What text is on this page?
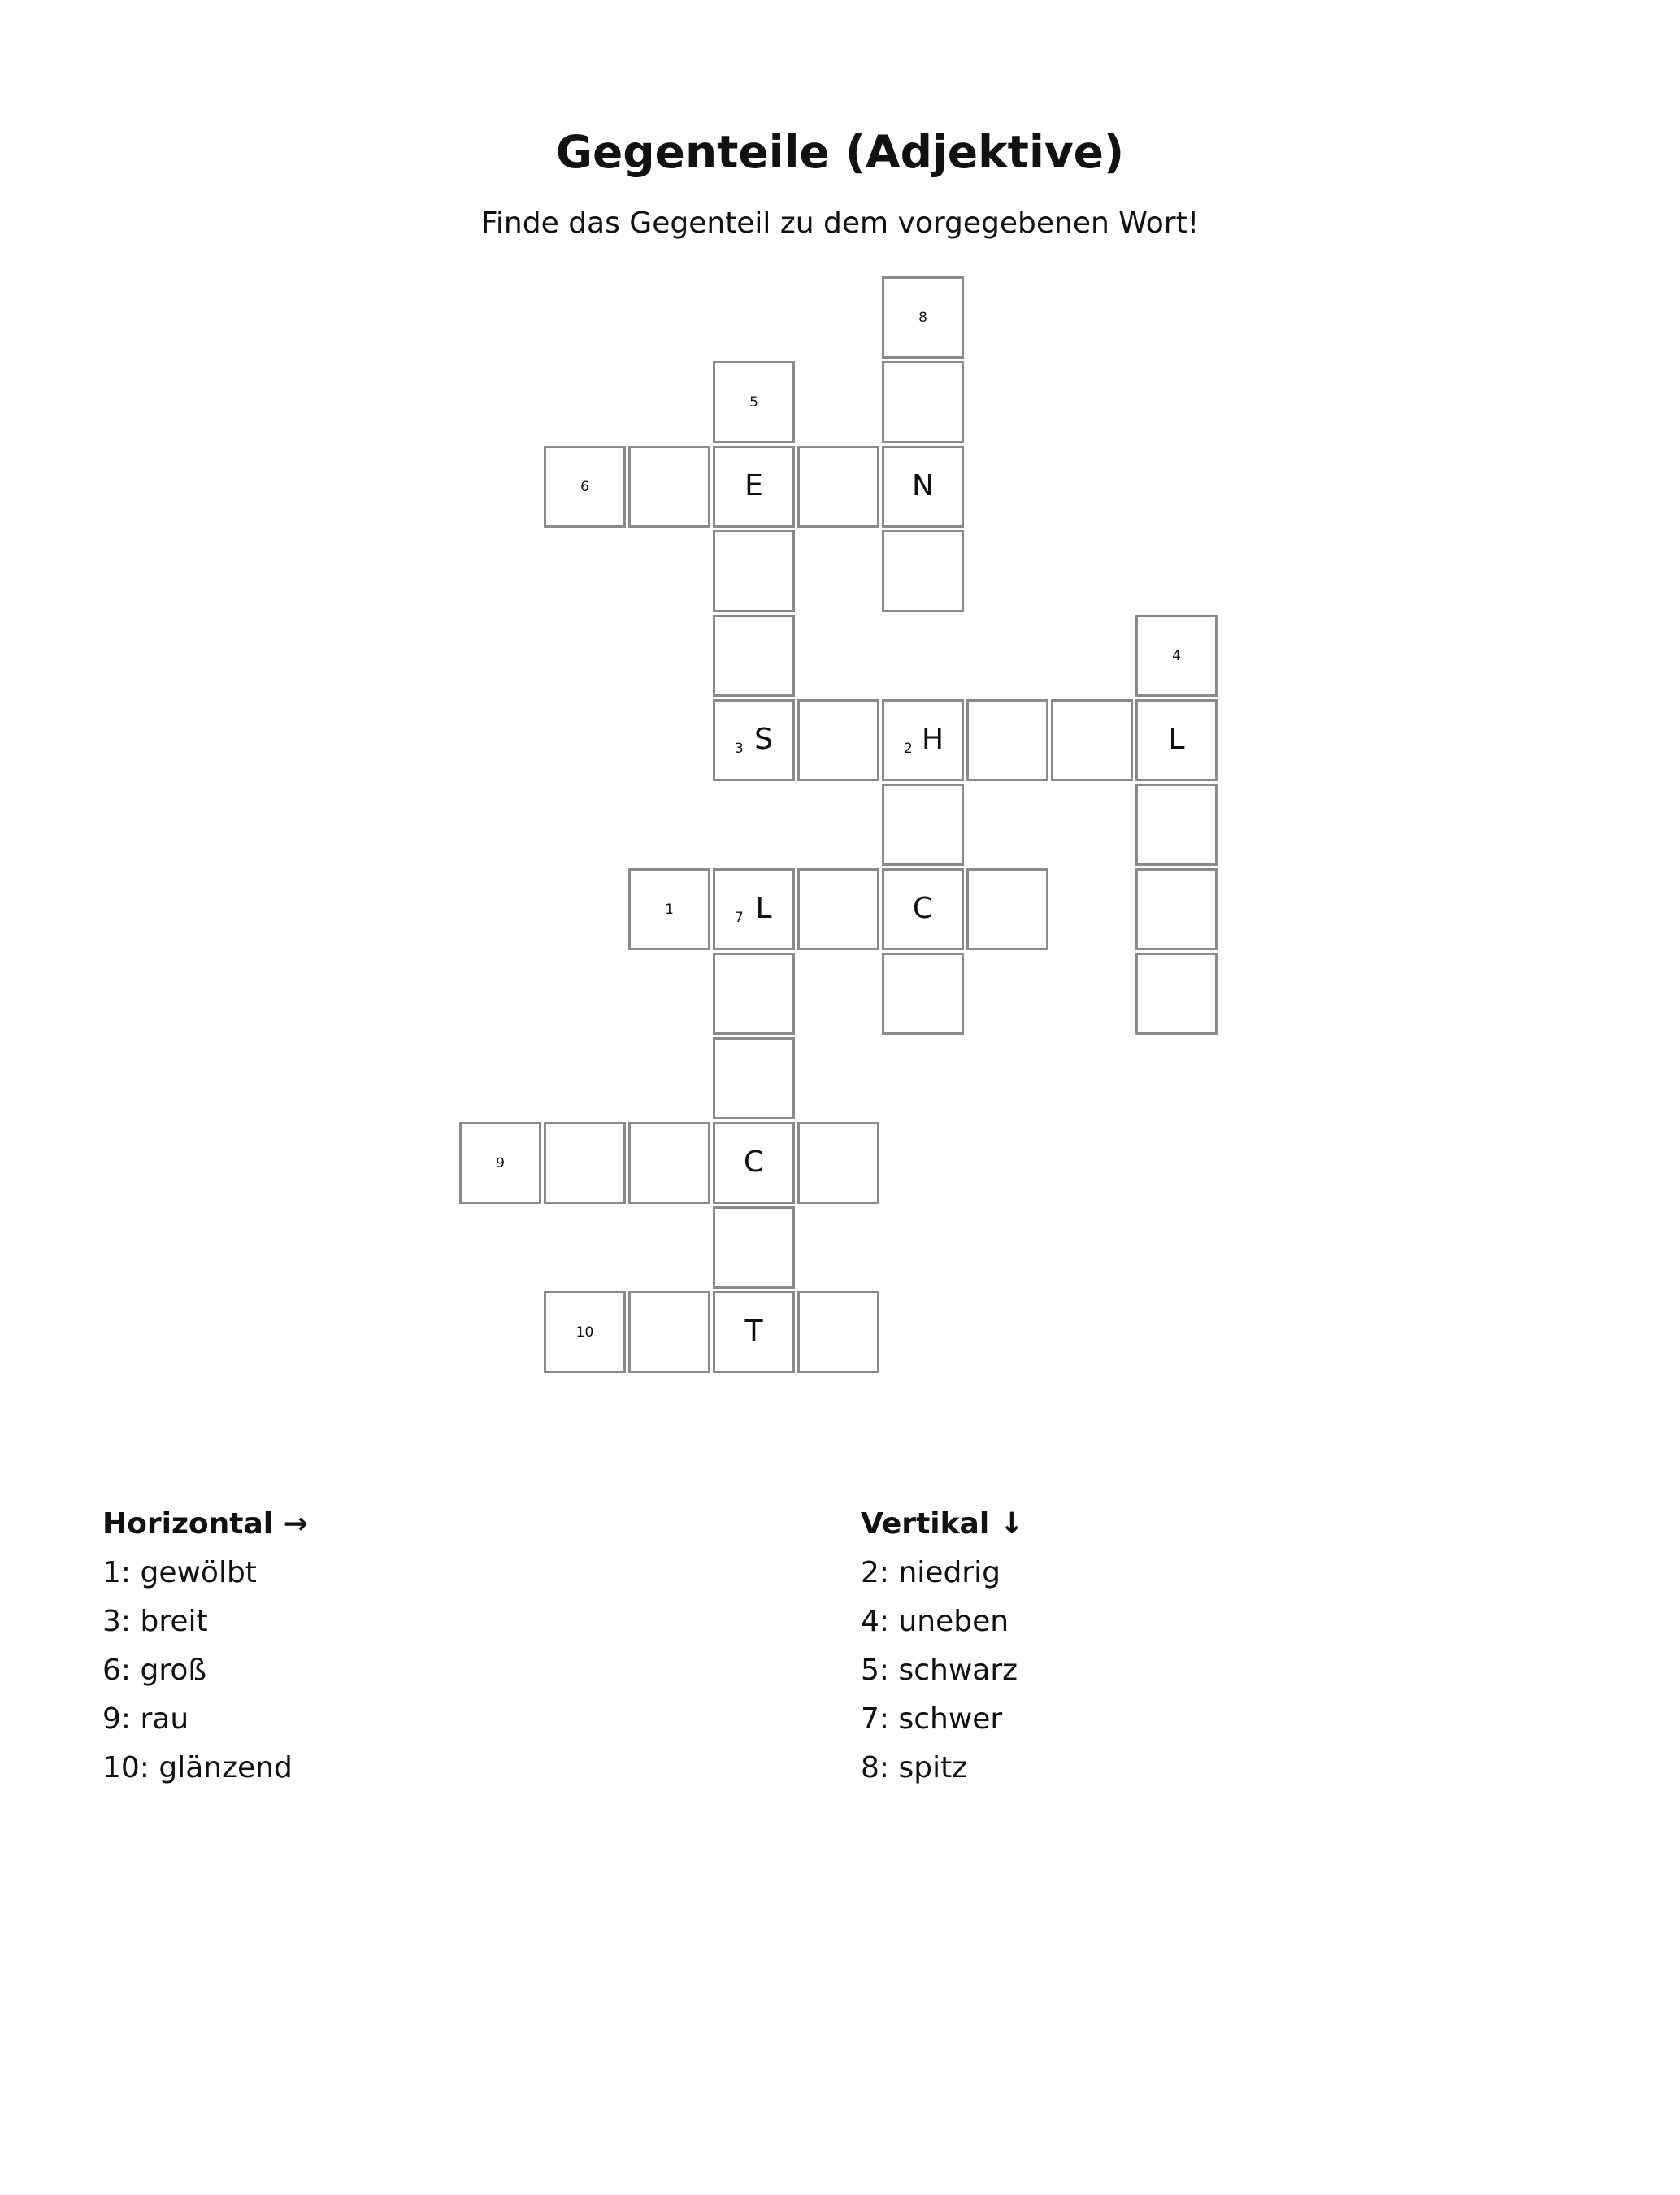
Gegenteile (Adjektive)
Finde das Gegenteil zu dem vorgegebenen Wort!
8
5
6	E	N
4
3 S	2 H	L
1	7 L	C
9	C
10	T
Horizontal →
1: gewölbt
3: breit
6: groß
9: rau
10: glänzend
Vertikal ↓
2: niedrig
4: uneben
5: schwarz
7: schwer
8: spitz
